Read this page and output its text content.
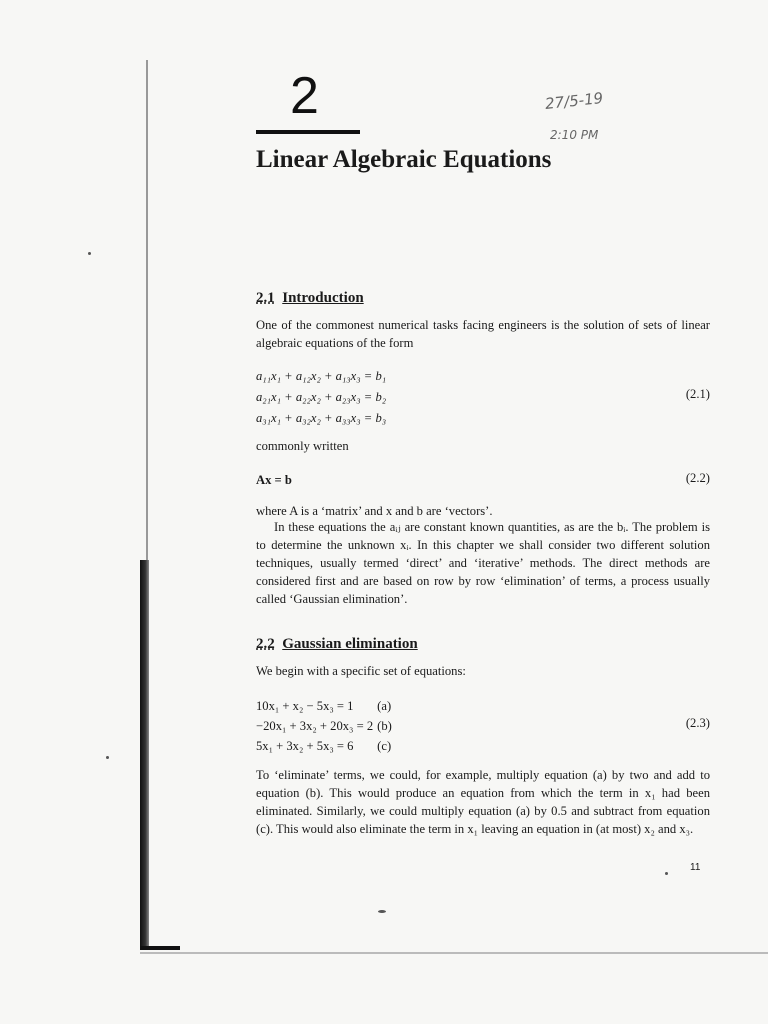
2
Linear Algebraic Equations
27/5-19
2:10 PM
2.1 Introduction
One of the commonest numerical tasks facing engineers is the solution of sets of linear algebraic equations of the form
a₁₁x₁ + a₁₂x₂ + a₁₃x₃ = b₁
a₂₁x₁ + a₂₂x₂ + a₂₃x₃ = b₂
a₃₁x₁ + a₃₂x₂ + a₃₃x₃ = b₃
(2.1)
commonly written
Ax = b	(2.2)
where A is a ‘matrix’ and x and b are ‘vectors’.
In these equations the aᵢⱼ are constant known quantities, as are the bᵢ. The problem is to determine the unknown xᵢ. In this chapter we shall consider two different solution techniques, usually termed ‘direct’ and ‘iterative’ methods. The direct methods are considered first and are based on row by row ‘elimination’ of terms, a process usually called ‘Gaussian elimination’.
2.2 Gaussian elimination
We begin with a specific set of equations:
10x₁ + x₂ − 5x₃ = 1	(a)
−20x₁ + 3x₂ + 20x₃ = 2	(b)
5x₁ + 3x₂ + 5x₃ = 6	(c)
(2.3)
To ‘eliminate’ terms, we could, for example, multiply equation (a) by two and add to equation (b). This would produce an equation from which the term in x₁ had been eliminated. Similarly, we could multiply equation (a) by 0.5 and subtract from equation (c). This would also eliminate the term in x₁ leaving an equation in (at most) x₂ and x₃.
11
